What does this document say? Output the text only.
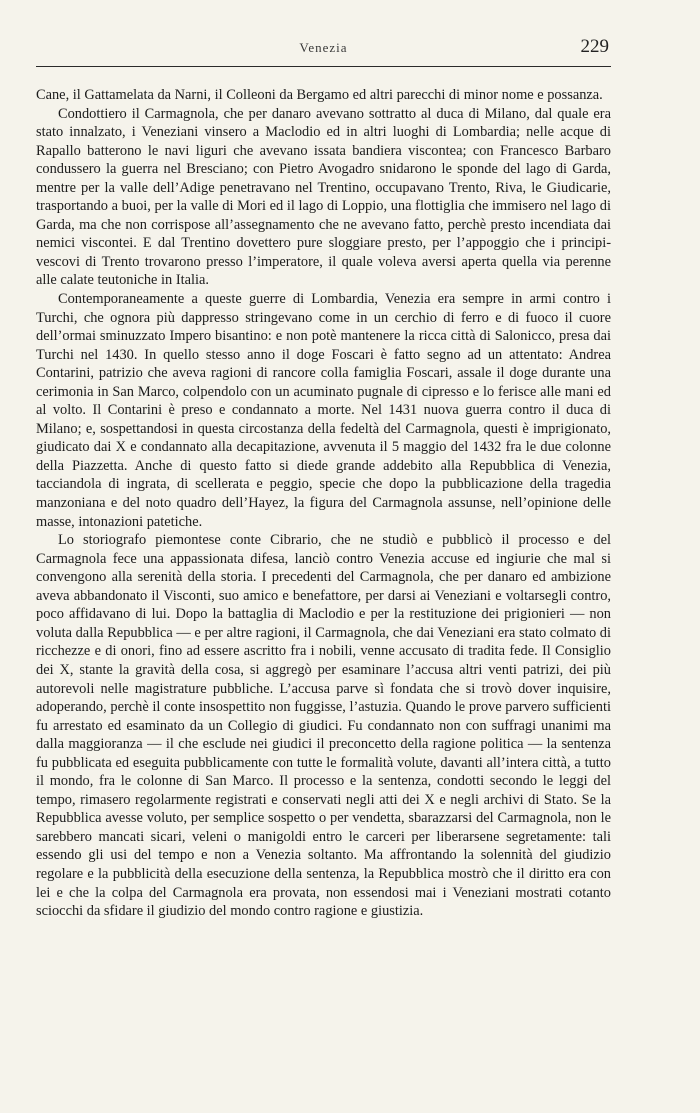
Venezia	229

Cane, il Gattamelata da Narni, il Colleoni da Bergamo ed altri parecchi di minor nome e possanza.

Condottiero il Carmagnola, che per danaro avevano sottratto al duca di Milano, dal quale era stato innalzato, i Veneziani vinsero a Maclodio ed in altri luoghi di Lombardia; nelle acque di Rapallo batterono le navi liguri che avevano issata bandiera viscontea; con Francesco Barbaro condussero la guerra nel Bresciano; con Pietro Avogadro snidarono le sponde del lago di Garda, mentre per la valle dell’Adige penetravano nel Trentino, occupavano Trento, Riva, le Giudicarie, trasportando a buoi, per la valle di Mori ed il lago di Loppio, una flottiglia che immisero nel lago di Garda, ma che non corrispose all’assegnamento che ne avevano fatto, perchè presto incendiata dai nemici viscontei. E dal Trentino dovettero pure sloggiare presto, per l’appoggio che i principi-vescovi di Trento trovarono presso l’imperatore, il quale voleva aversi aperta quella via perenne alle calate teutoniche in Italia.

Contemporaneamente a queste guerre di Lombardia, Venezia era sempre in armi contro i Turchi, che ognora più dappresso stringevano come in un cerchio di ferro e di fuoco il cuore dell’ormai sminuzzato Impero bisantino: e non potè mantenere la ricca città di Salonicco, presa dai Turchi nel 1430. In quello stesso anno il doge Foscari è fatto segno ad un attentato: Andrea Contarini, patrizio che aveva ragioni di rancore colla famiglia Foscari, assale il doge durante una cerimonia in San Marco, colpendolo con un acuminato pugnale di cipresso e lo ferisce alle mani ed al volto. Il Contarini è preso e condannato a morte. Nel 1431 nuova guerra contro il duca di Milano; e, sospettandosi in questa circostanza della fedeltà del Carmagnola, questi è imprigionato, giudicato dai X e condannato alla decapitazione, avvenuta il 5 maggio del 1432 fra le due colonne della Piazzetta. Anche di questo fatto si diede grande addebito alla Repubblica di Venezia, tacciandola di ingrata, di scellerata e peggio, specie che dopo la pubblicazione della tragedia manzoniana e del noto quadro dell’Hayez, la figura del Carmagnola assunse, nell’opinione delle masse, intonazioni patetiche.

Lo storiografo piemontese conte Cibrario, che ne studiò e pubblicò il processo e del Carmagnola fece una appassionata difesa, lanciò contro Venezia accuse ed ingiurie che mal si convengono alla serenità della storia. I precedenti del Carmagnola, che per danaro ed ambizione aveva abbandonato il Visconti, suo amico e benefattore, per darsi ai Veneziani e voltarsegli contro, poco affidavano di lui. Dopo la battaglia di Maclodio e per la restituzione dei prigionieri — non voluta dalla Repubblica — e per altre ragioni, il Carmagnola, che dai Veneziani era stato colmato di ricchezze e di onori, fino ad essere ascritto fra i nobili, venne accusato di tradita fede. Il Consiglio dei X, stante la gravità della cosa, si aggregò per esaminare l’accusa altri venti patrizi, dei più autorevoli nelle magistrature pubbliche. L’accusa parve sì fondata che si trovò dover inquisire, adoperando, perchè il conte insospettito non fuggisse, l’astuzia. Quando le prove parvero sufficienti fu arrestato ed esaminato da un Collegio di giudici. Fu condannato non con suffragi unanimi ma dalla maggioranza — il che esclude nei giudici il preconcetto della ragione politica — la sentenza fu pubblicata ed eseguita pubblicamente con tutte le formalità volute, davanti all’intera città, a tutto il mondo, fra le colonne di San Marco. Il processo e la sentenza, condotti secondo le leggi del tempo, rimasero regolarmente registrati e conservati negli atti dei X e negli archivi di Stato. Se la Repubblica avesse voluto, per semplice sospetto o per vendetta, sbarazzarsi del Carmagnola, non le sarebbero mancati sicari, veleni o manigoldi entro le carceri per liberarsene segretamente: tali essendo gli usi del tempo e non a Venezia soltanto. Ma affrontando la solennità del giudizio regolare e la pubblicità della esecuzione della sentenza, la Repubblica mostrò che il diritto era con lei e che la colpa del Carmagnola era provata, non essendosi mai i Veneziani mostrati cotanto sciocchi da sfidare il giudizio del mondo contro ragione e giustizia.
